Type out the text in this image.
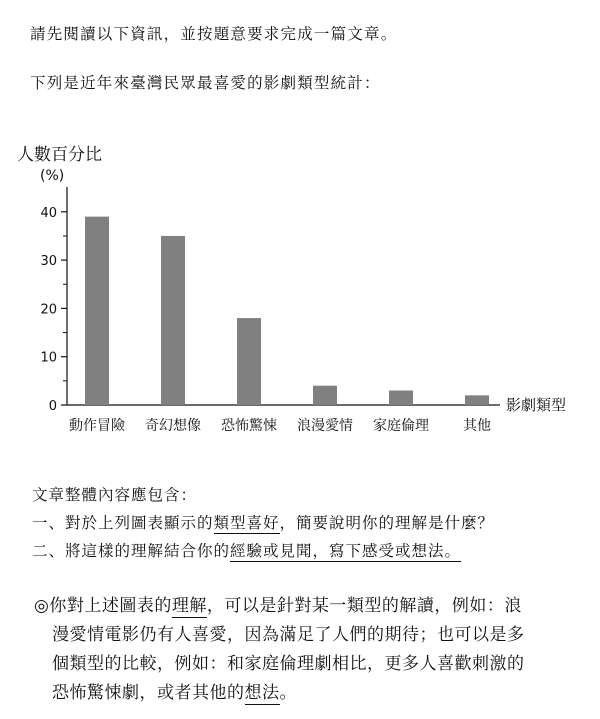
請先閱讀以下資訊，並按題意要求完成一篇文章。
下列是近年來臺灣民眾最喜愛的影劇類型統計：
人數百分比
(%)
影劇類型
0
10
20
30
40
動作冒險 奇幻想像 恐怖驚悚 浪漫愛情 家庭倫理 其他
文章整體內容應包含：
一、對於上列圖表顯示的類型喜好，簡要說明你的理解是什麼？
二、將這樣的理解結合你的經驗或見聞，寫下感受或想法。
◎你對上述圖表的理解，可以是針對某一類型的解讀，例如：浪
漫愛情電影仍有人喜愛，因為滿足了人們的期待；也可以是多
個類型的比較，例如：和家庭倫理劇相比，更多人喜歡刺激的
恐怖驚悚劇，或者其他的想法。
